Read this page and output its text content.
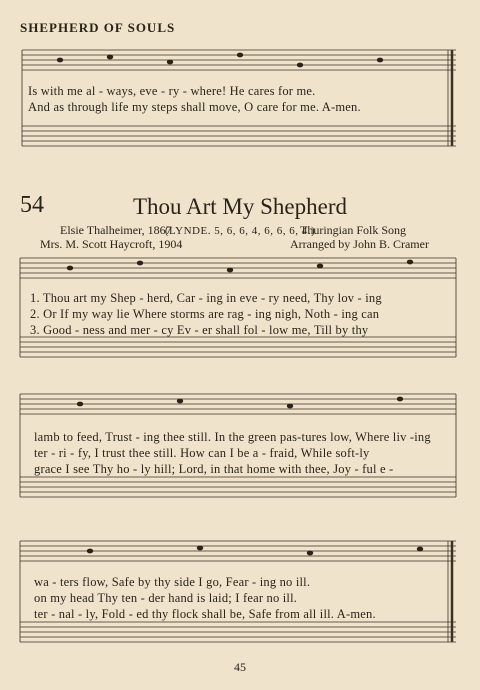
SHEPHERD OF SOULS
Is with me al - ways, eve - ry - where! He cares for me.
And as through life my steps shall move, O care for me. A-men.
54	Thou Art My Shepherd
(LYNDE. 5, 6, 6, 4, 6, 6, 6, 4.)
Elsie Thalheimer, 1867
Mrs. M. Scott Haycroft, 1904
Thuringian Folk Song
Arranged by John B. Cramer
1. Thou art my Shep - herd, Car - ing in eve - ry need, Thy lov - ing
2. Or If my way lie Where storms are rag - ing nigh, Noth - ing can
3. Good - ness and mer - cy Ev - er shall fol - low me, Till by thy
lamb to feed, Trust - ing thee still. In the green pas-tures low, Where liv -ing
ter - ri - fy, I trust thee still. How can I be a - fraid, While soft-ly
grace I see Thy ho - ly hill; Lord, in that home with thee, Joy - ful e -
wa - ters flow, Safe by thy side I go, Fear - ing no ill.
on my head Thy ten - der hand is laid; I fear no ill.
ter - nal - ly, Fold - ed thy flock shall be, Safe from all ill. A-men.
45
